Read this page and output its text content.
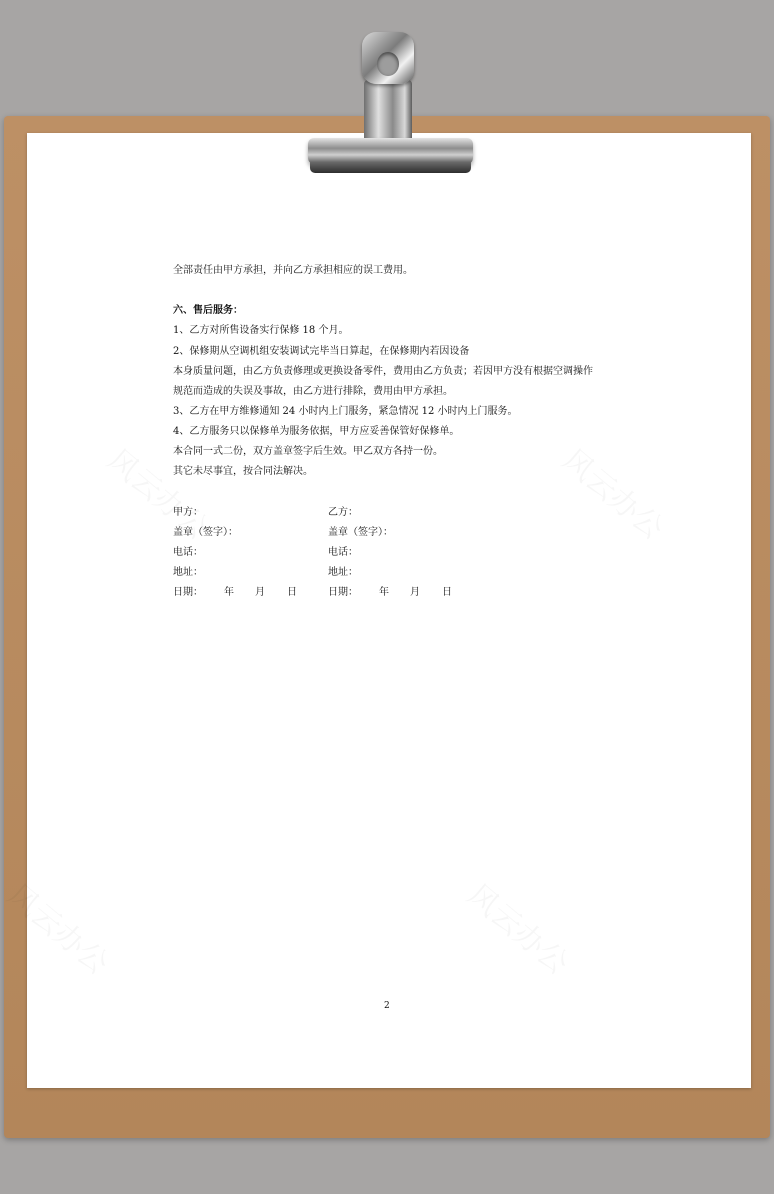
全部责任由甲方承担，并向乙方承担相应的误工费用。
六、售后服务：
1、乙方对所售设备实行保修 18 个月。
2、保修期从空调机组安装调试完毕当日算起，在保修期内若因设备
本身质量问题，由乙方负责修理或更换设备零件，费用由乙方负责；若因甲方没有根据空调操作
规范而造成的失误及事故，由乙方进行排除，费用由甲方承担。
3、乙方在甲方维修通知 24 小时内上门服务，紧急情况 12 小时内上门服务。
4、乙方服务只以保修单为服务依据，甲方应妥善保管好保修单。
本合同一式二份，双方盖章签字后生效。甲乙双方各持一份。
其它未尽事宜，按合同法解决。
甲方：
盖章（签字）：
电话：
地址：
日期： 年 月 日
乙方：
盖章（签字）：
电话：
地址：
日期： 年 月 日
2
